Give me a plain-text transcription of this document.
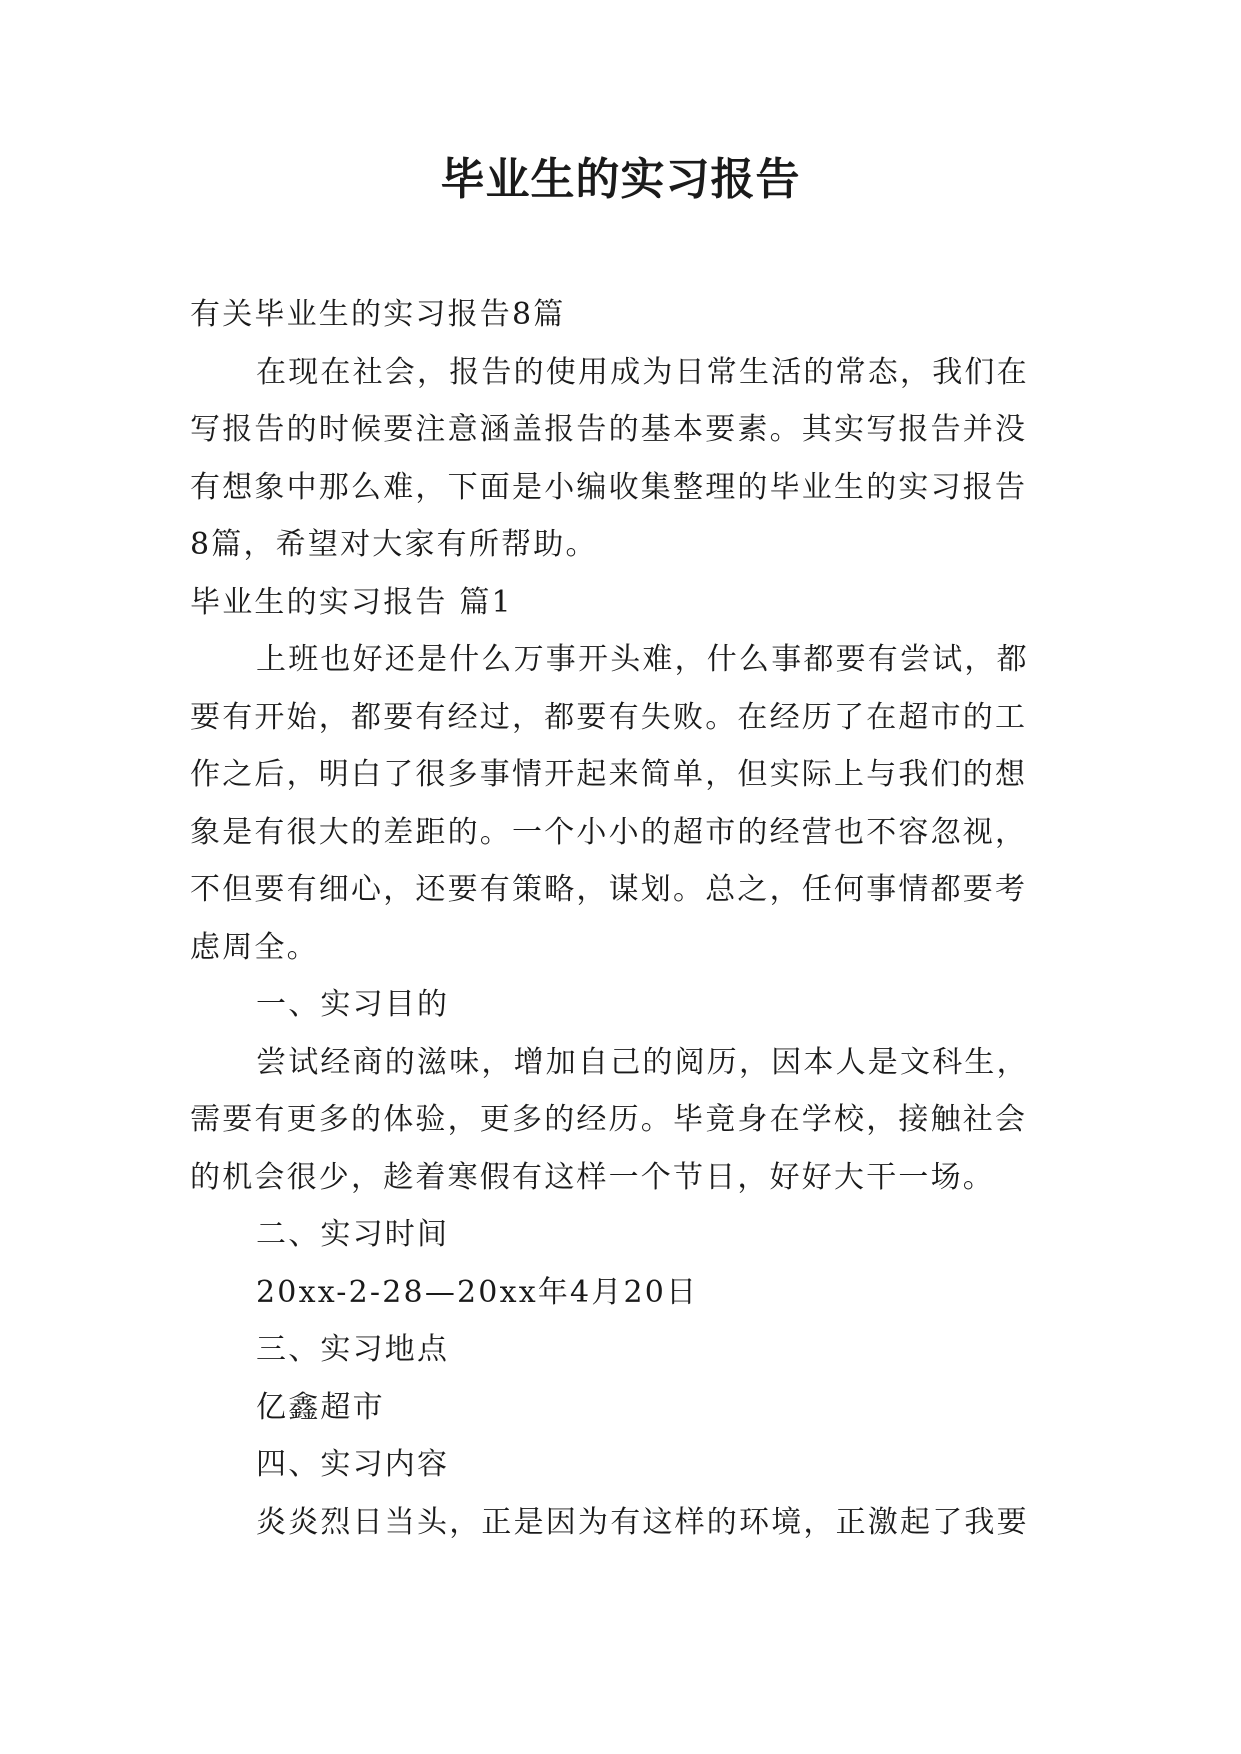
毕业生的实习报告
有关毕业生的实习报告8篇
在现在社会，报告的使用成为日常生活的常态，我们在
写报告的时候要注意涵盖报告的基本要素。其实写报告并没
有想象中那么难，下面是小编收集整理的毕业生的实习报告
8篇，希望对大家有所帮助。
毕业生的实习报告 篇1
上班也好还是什么万事开头难，什么事都要有尝试，都
要有开始，都要有经过，都要有失败。在经历了在超市的工
作之后，明白了很多事情开起来简单，但实际上与我们的想
象是有很大的差距的。一个小小的超市的经营也不容忽视，
不但要有细心，还要有策略，谋划。总之，任何事情都要考
虑周全。
一、实习目的
尝试经商的滋味，增加自己的阅历，因本人是文科生，
需要有更多的体验，更多的经历。毕竟身在学校，接触社会
的机会很少，趁着寒假有这样一个节日，好好大干一场。
二、实习时间
20xx-2-28—20xx年4月20日
三、实习地点
亿鑫超市
四、实习内容
炎炎烈日当头，正是因为有这样的环境，正激起了我要
